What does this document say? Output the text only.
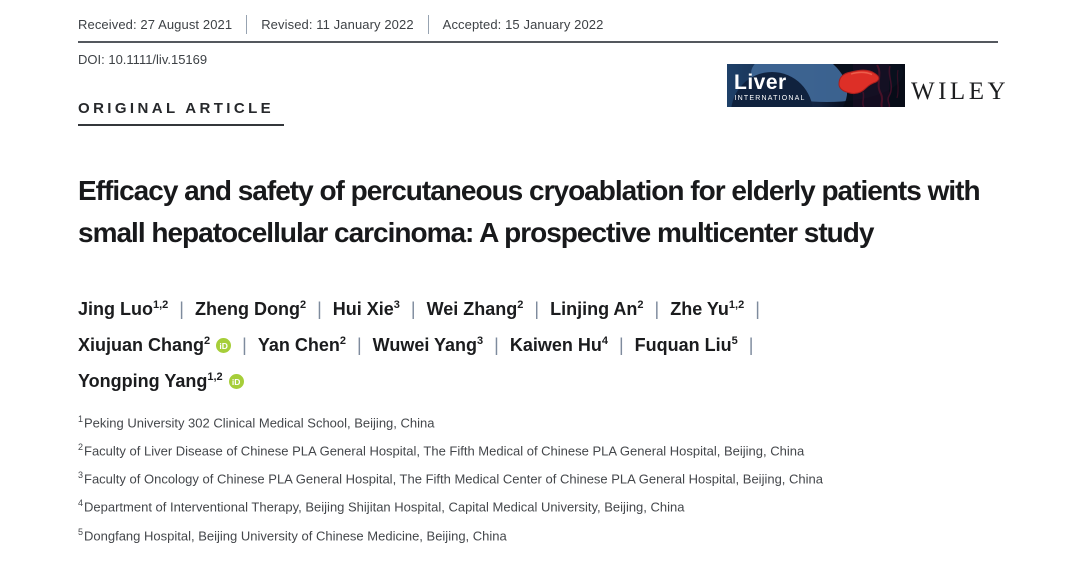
Liver
INTERNATIONAL	WILEY
Received: 27 August 2021 Revised: 11 January 2022 Accepted: 15 January 2022
DOI: 10.1111/liv.15169
ORIGINAL ARTICLE
Efficacy and safety of percutaneous cryoablation for elderly patients with small hepatocellular carcinoma: A prospective multicenter study
Jing Luo$^{1,2}$ | Zheng Dong$^2$ | Hui Xie$^3$ | Wei Zhang$^2$ | Linjing An$^2$ | Zhe Yu$^{1,2}$ |
Xiujuan Chang$^2$ iD | Yan Chen$^2$ | Wuwei Yang$^3$ | Kaiwen Hu$^4$ | Fuquan Liu$^5$ |
Yongping Yang$^{1,2}$ iD
$^1$Peking University 302 Clinical Medical School, Beijing, China
$^2$Faculty of Liver Disease of Chinese PLA General Hospital, The Fifth Medical of Chinese PLA General Hospital, Beijing, China
$^3$Faculty of Oncology of Chinese PLA General Hospital, The Fifth Medical Center of Chinese PLA General Hospital, Beijing, China
$^4$Department of Interventional Therapy, Beijing Shijitan Hospital, Capital Medical University, Beijing, China
$^5$Dongfang Hospital, Beijing University of Chinese Medicine, Beijing, China
